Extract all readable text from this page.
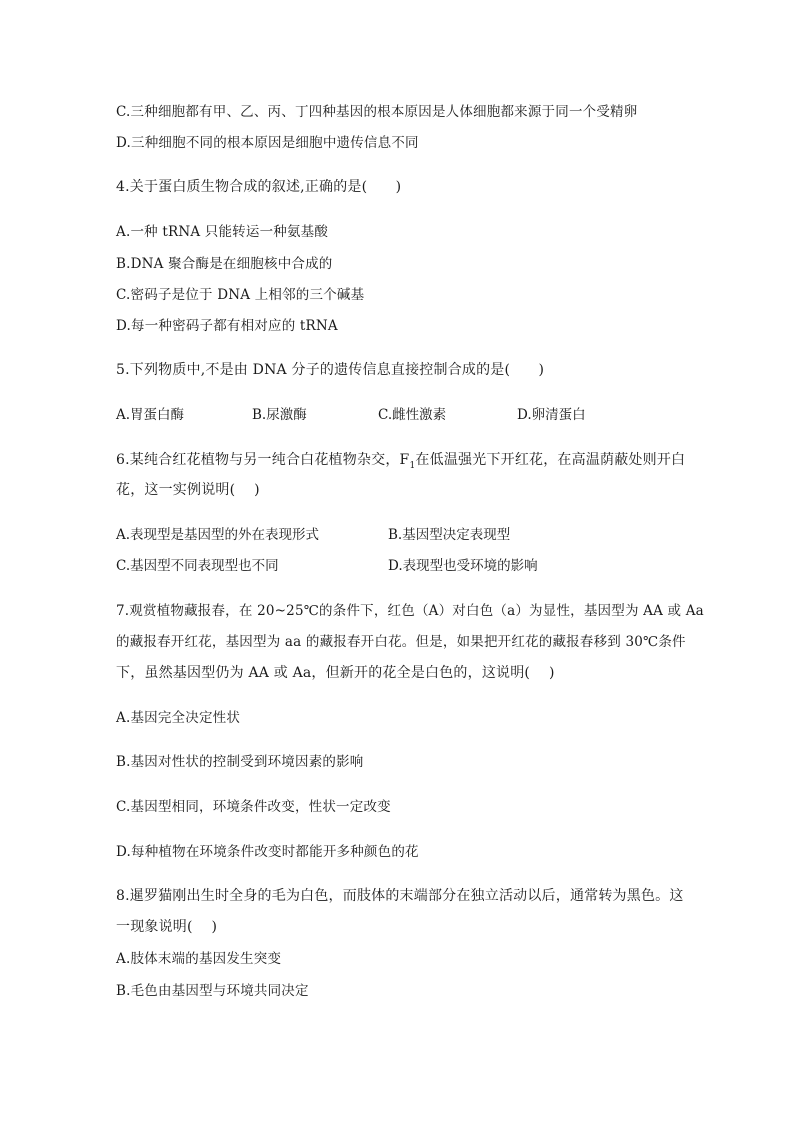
C.三种细胞都有甲、乙、丙、丁四种基因的根本原因是人体细胞都来源于同一个受精卵
D.三种细胞不同的根本原因是细胞中遗传信息不同
4.关于蛋白质生物合成的叙述,正确的是(　　)
A.一种 tRNA 只能转运一种氨基酸
B.DNA 聚合酶是在细胞核中合成的
C.密码子是位于 DNA 上相邻的三个碱基
D.每一种密码子都有相对应的 tRNA
5.下列物质中,不是由 DNA 分子的遗传信息直接控制合成的是(　　)
A.胃蛋白酶	B.尿激酶	C.雌性激素	D.卵清蛋白
6.某纯合红花植物与另一纯合白花植物杂交，$F_1$在低温强光下开红花，在高温荫蔽处则开白
花，这一实例说明(　 )
A.表现型是基因型的外在表现形式	B.基因型决定表现型
C.基因型不同表现型也不同	D.表现型也受环境的影响
7.观赏植物藏报春，在 20~25℃的条件下，红色（A）对白色（a）为显性，基因型为 AA 或 Aa
的藏报春开红花，基因型为 aa 的藏报春开白花。但是，如果把开红花的藏报春移到 30℃条件
下，虽然基因型仍为 AA 或 Aa，但新开的花全是白色的，这说明(　 )
A.基因完全决定性状
B.基因对性状的控制受到环境因素的影响
C.基因型相同，环境条件改变，性状一定改变
D.每种植物在环境条件改变时都能开多种颜色的花
8.暹罗猫刚出生时全身的毛为白色，而肢体的末端部分在独立活动以后，通常转为黑色。这
一现象说明(　 )
A.肢体末端的基因发生突变
B.毛色由基因型与环境共同决定
